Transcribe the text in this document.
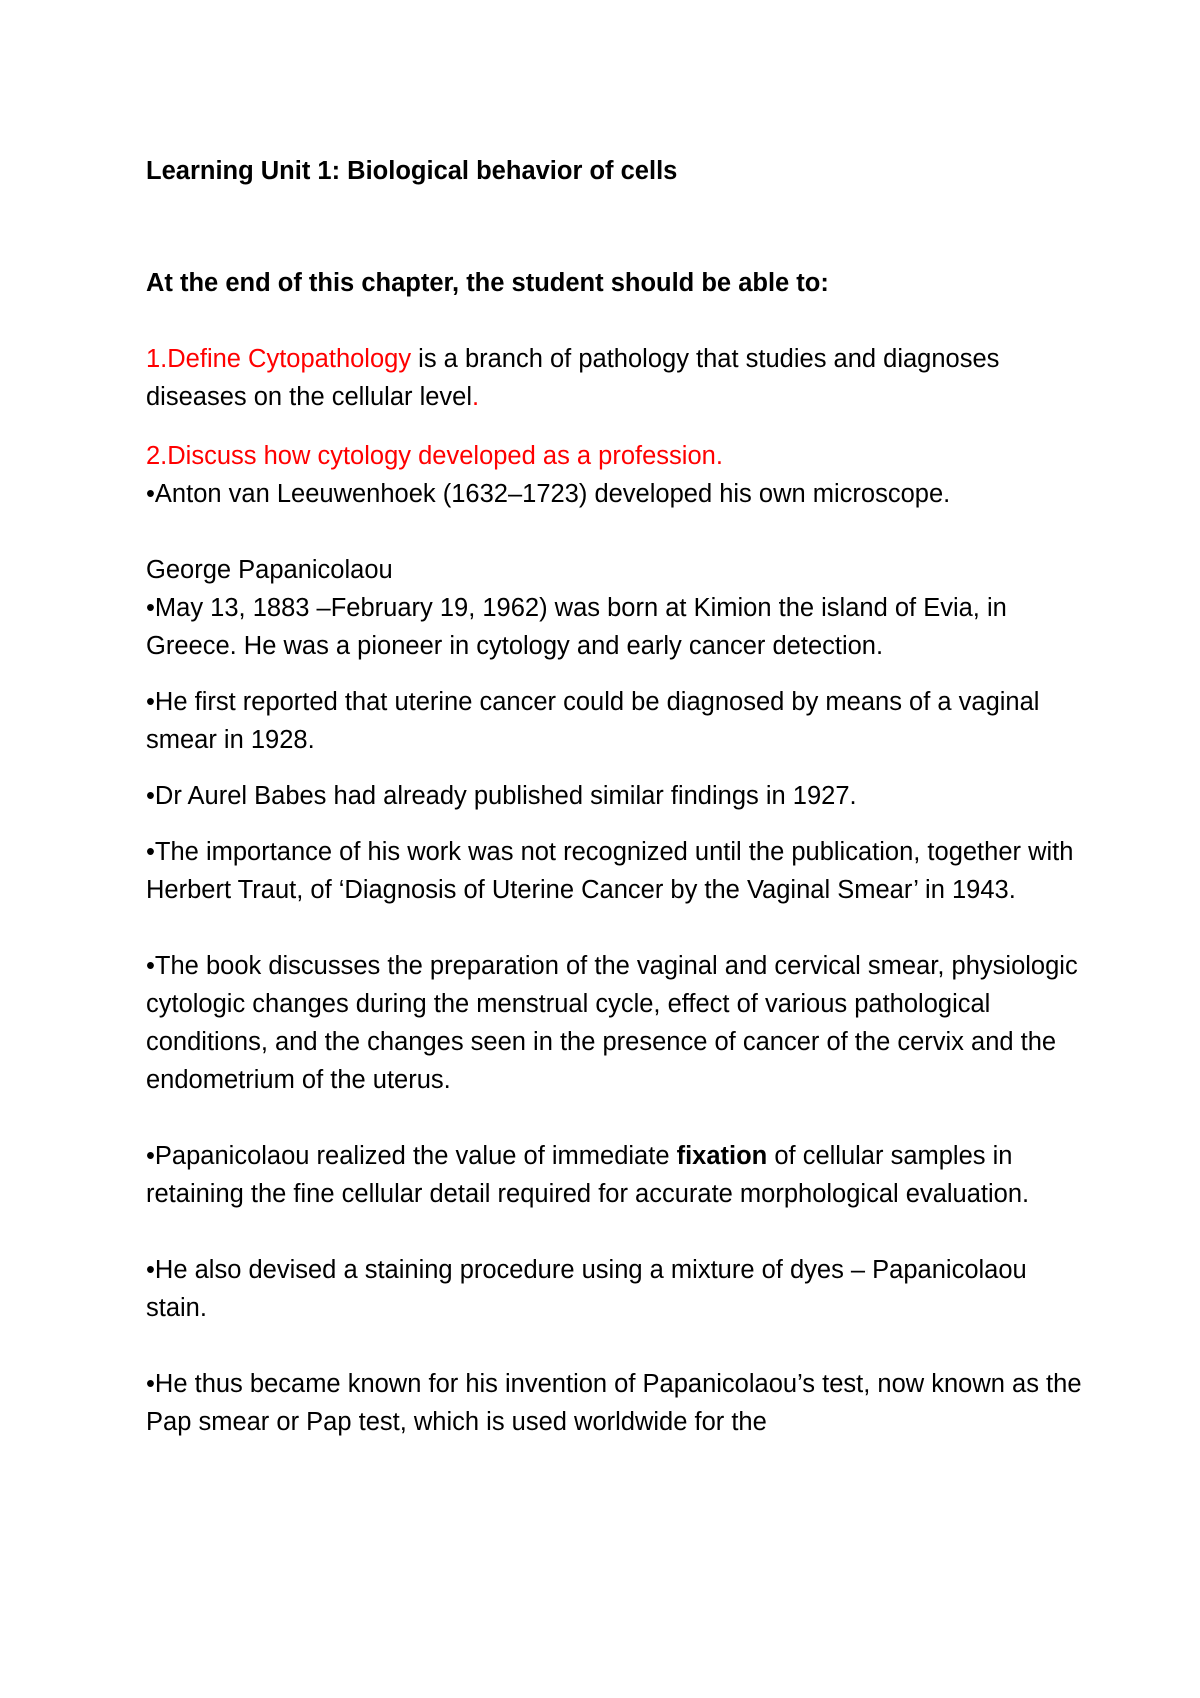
Learning Unit 1: Biological behavior of cells

At the end of this chapter, the student should be able to:

1.Define Cytopathology is a branch of pathology that studies and diagnoses diseases on the cellular level.

2.Discuss how cytology developed as a profession.

•Anton van Leeuwenhoek (1632–1723) developed his own microscope.

George Papanicolaou

•May 13, 1883 –February 19, 1962) was born at Kimion the island of Evia, in Greece. He was a pioneer in cytology and early cancer detection.

•He first reported that uterine cancer could be diagnosed by means of a vaginal smear in 1928.

•Dr Aurel Babes had already published similar findings in 1927.

•The importance of his work was not recognized until the publication, together with Herbert Traut, of ‘Diagnosis of Uterine Cancer by the Vaginal Smear’ in 1943.

•The book discusses the preparation of the vaginal and cervical smear, physiologic cytologic changes during the menstrual cycle, effect of various pathological conditions, and the changes seen in the presence of cancer of the cervix and the endometrium of the uterus.

•Papanicolaou realized the value of immediate fixation of cellular samples in retaining the fine cellular detail required for accurate morphological evaluation.

•He also devised a staining procedure using a mixture of dyes – Papanicolaou stain.

•He thus became known for his invention of Papanicolaou’s test, now known as the Pap smear or Pap test, which is used worldwide for the
